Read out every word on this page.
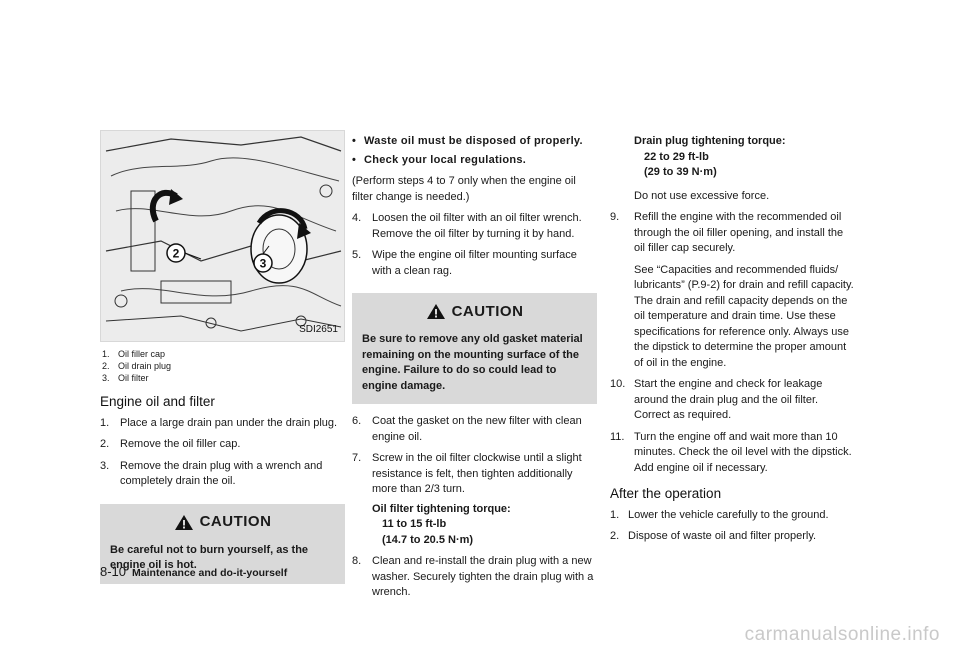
2
3
SDI2651
1. Oil filler cap
2. Oil drain plug
3. Oil filter
Engine oil and filter
1. Place a large drain pan under the drain plug.
2. Remove the oil filler cap.
3. Remove the drain plug with a wrench and completely drain the oil.
CAUTION
Be careful not to burn yourself, as the engine oil is hot.
• Waste oil must be disposed of properly.
• Check your local regulations.
(Perform steps 4 to 7 only when the engine oil filter change is needed.)
4. Loosen the oil filter with an oil filter wrench. Remove the oil filter by turning it by hand.
5. Wipe the engine oil filter mounting surface with a clean rag.
CAUTION
Be sure to remove any old gasket material remaining on the mounting surface of the engine. Failure to do so could lead to engine damage.
6. Coat the gasket on the new filter with clean engine oil.
7. Screw in the oil filter clockwise until a slight resistance is felt, then tighten additionally more than 2/3 turn.
Oil filter tightening torque:
11 to 15 ft-lb
(14.7 to 20.5 N·m)
8. Clean and re-install the drain plug with a new washer. Securely tighten the drain plug with a wrench.
Drain plug tightening torque:
22 to 29 ft-lb
(29 to 39 N·m)
Do not use excessive force.
9.	Refill the engine with the recommended oil through the oil filler opening, and install the oil filler cap securely.
See “Capacities and recommended fluids/ lubricants” (P.9-2) for drain and refill capacity. The drain and refill capacity depends on the oil temperature and drain time. Use these specifications for reference only. Always use the dipstick to determine the proper amount of oil in the engine.
10. Start the engine and check for leakage around the drain plug and the oil filter. Correct as required.
11. Turn the engine off and wait more than 10 minutes. Check the oil level with the dipstick. Add engine oil if necessary.
After the operation
1. Lower the vehicle carefully to the ground.
2. Dispose of waste oil and filter properly.
8-10 Maintenance and do-it-yourself
carmanualsonline.info
